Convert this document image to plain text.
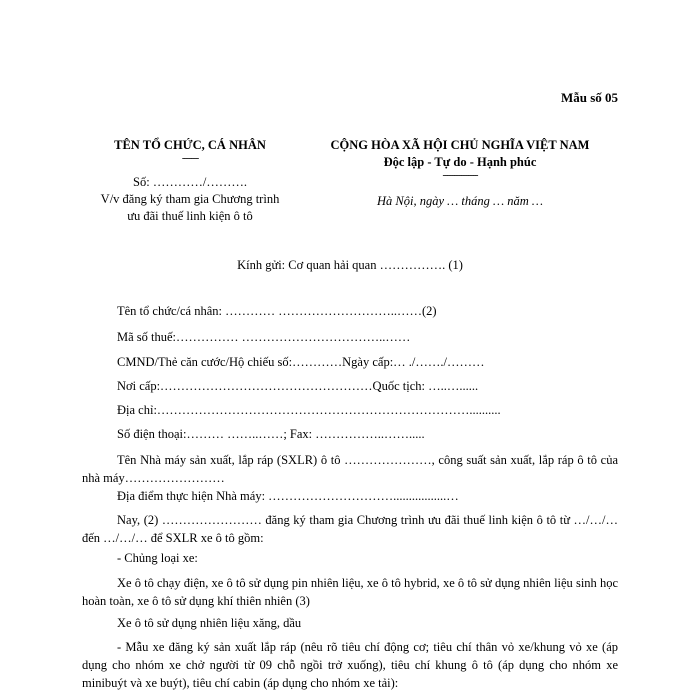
Mẫu số 05
TÊN TỔ CHỨC, CÁ NHÂN
-------
Số: …………/……….
V/v đăng ký tham gia Chương trình
ưu đãi thuế linh kiện ô tô
CỘNG HÒA XÃ HỘI CHỦ NGHĨA VIỆT NAM
Độc lập - Tự do - Hạnh phúc
---------------
Hà Nội, ngày … tháng … năm …
Kính gửi: Cơ quan hải quan ……………. (1)
Tên tổ chức/cá nhân: ………… ………………………..……(2)
Mã số thuế:…………… ……………………………..……
CMND/Thẻ căn cước/Hộ chiếu số:…………Ngày cấp:… ./……./………
Nơi cấp:……………………………………………Quốc tịch: …..…......
Địa chỉ:…………………………………………………………………..........
Số điện thoại:……… ……..……; Fax: ……………..…….....
Tên Nhà máy sản xuất, lắp ráp (SXLR) ô tô …………………, công suất sản xuất, lắp ráp ô tô của nhà máy……………………
Địa điểm thực hiện Nhà máy: ………………………….................…
Nay, (2) …………………… đăng ký tham gia Chương trình ưu đãi thuế linh kiện ô tô từ …/…/… đến …/…/… để SXLR xe ô tô gồm:
- Chủng loại xe:
Xe ô tô chạy điện, xe ô tô sử dụng pin nhiên liệu, xe ô tô hybrid, xe ô tô sử dụng nhiên liệu sinh học hoàn toàn, xe ô tô sử dụng khí thiên nhiên (3)
Xe ô tô sử dụng nhiên liệu xăng, dầu
- Mẫu xe đăng ký sản xuất lắp ráp (nêu rõ tiêu chí động cơ; tiêu chí thân vỏ xe/khung vỏ xe (áp dụng cho nhóm xe chở người từ 09 chỗ ngồi trở xuống), tiêu chí khung ô tô (áp dụng cho nhóm xe minibuýt và xe buýt), tiêu chí cabin (áp dụng cho nhóm xe tải):
